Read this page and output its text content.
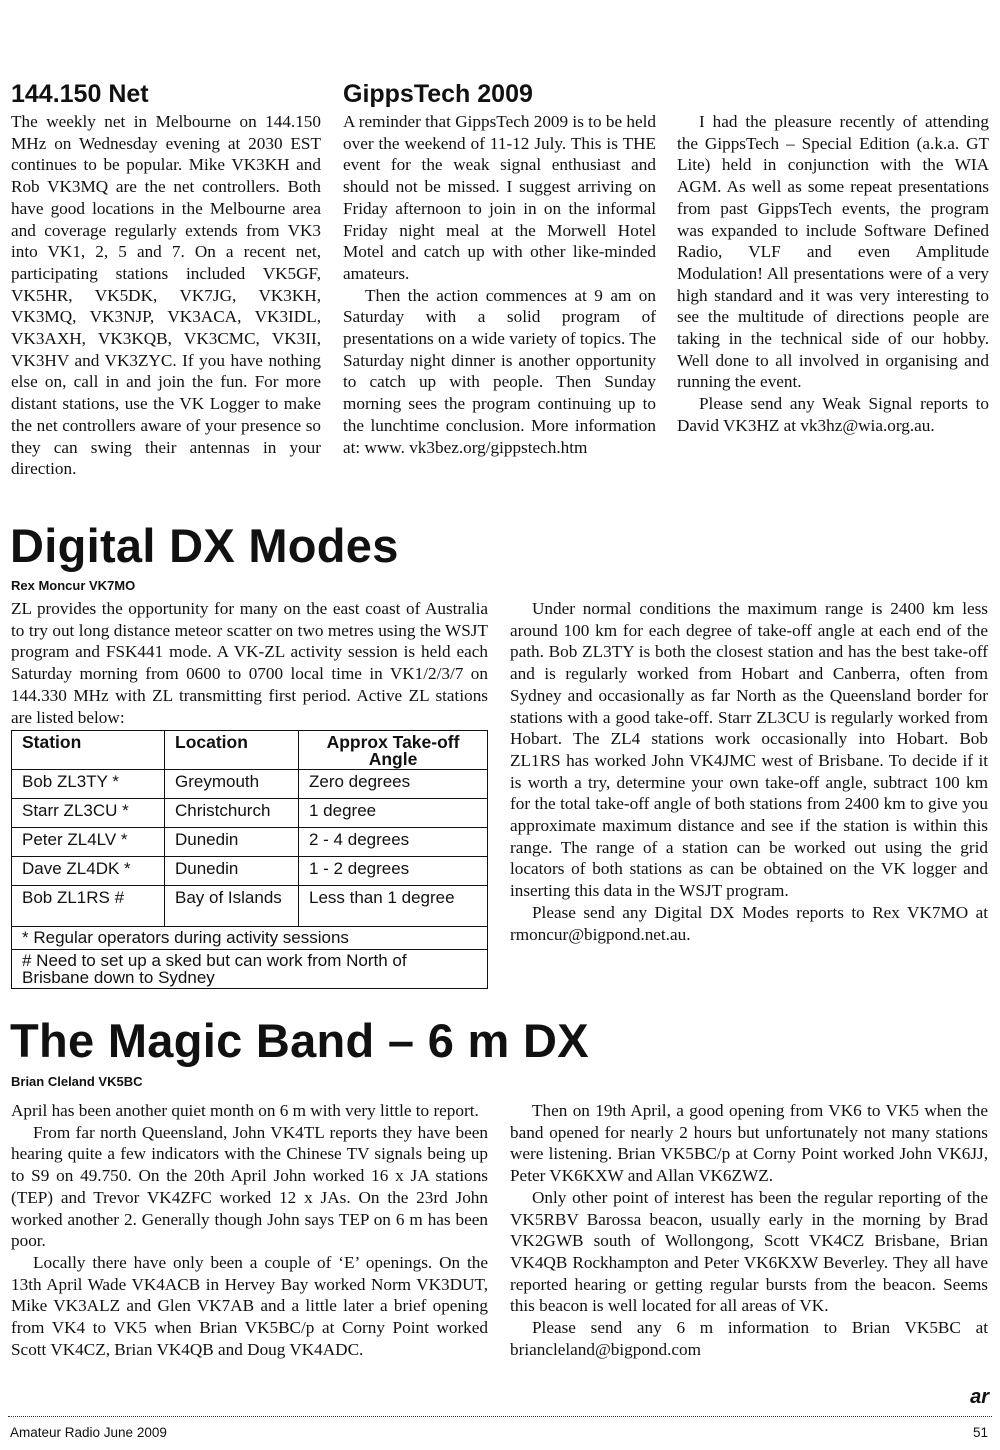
144.150 Net

The weekly net in Melbourne on 144.150 MHz on Wednesday evening at 2030 EST continues to be popular. Mike VK3KH and Rob VK3MQ are the net controllers. Both have good locations in the Melbourne area and coverage regularly extends from VK3 into VK1, 2, 5 and 7. On a recent net, participating stations included VK5GF, VK5HR, VK5DK, VK7JG, VK3KH, VK3MQ, VK3NJP, VK3ACA, VK3IDL, VK3AXH, VK3KQB, VK3CMC, VK3II, VK3HV and VK3ZYC. If you have nothing else on, call in and join the fun. For more distant stations, use the VK Logger to make the net controllers aware of your presence so they can swing their antennas in your direction.

GippsTech 2009

A reminder that GippsTech 2009 is to be held over the weekend of 11-12 July. This is THE event for the weak signal enthusiast and should not be missed. I suggest arriving on Friday afternoon to join in on the informal Friday night meal at the Morwell Hotel Motel and catch up with other like-minded amateurs.

Then the action commences at 9 am on Saturday with a solid program of presentations on a wide variety of topics. The Saturday night dinner is another opportunity to catch up with people. Then Sunday morning sees the program continuing up to the lunchtime conclusion. More information at: www. vk3bez.org/gippstech.htm

I had the pleasure recently of attending the GippsTech – Special Edition (a.k.a. GT Lite) held in conjunction with the WIA AGM. As well as some repeat presentations from past GippsTech events, the program was expanded to include Software Defined Radio, VLF and even Amplitude Modulation! All presentations were of a very high standard and it was very interesting to see the multitude of directions people are taking in the technical side of our hobby. Well done to all involved in organising and running the event.

Please send any Weak Signal reports to David VK3HZ at vk3hz@wia.org.au.

Digital DX Modes
Rex Moncur VK7MO

ZL provides the opportunity for many on the east coast of Australia to try out long distance meteor scatter on two metres using the WSJT program and FSK441 mode. A VK-ZL activity session is held each Saturday morning from 0600 to 0700 local time in VK1/2/3/7 on 144.330 MHz with ZL transmitting first period. Active ZL stations are listed below:

Station	Location	Approx Take-off Angle
Bob ZL3TY *	Greymouth	Zero degrees
Starr ZL3CU *	Christchurch	1 degree
Peter ZL4LV *	Dunedin	2 - 4 degrees
Dave ZL4DK *	Dunedin	1 - 2 degrees
Bob ZL1RS #	Bay of Islands	Less than 1 degree
* Regular operators during activity sessions		
# Need to set up a sked but can work from North of Brisbane down to Sydney		

Under normal conditions the maximum range is 2400 km less around 100 km for each degree of take-off angle at each end of the path. Bob ZL3TY is both the closest station and has the best take-off and is regularly worked from Hobart and Canberra, often from Sydney and occasionally as far North as the Queensland border for stations with a good take-off. Starr ZL3CU is regularly worked from Hobart. The ZL4 stations work occasionally into Hobart. Bob ZL1RS has worked John VK4JMC west of Brisbane. To decide if it is worth a try, determine your own take-off angle, subtract 100 km for the total take-off angle of both stations from 2400 km to give you approximate maximum distance and see if the station is within this range. The range of a station can be worked out using the grid locators of both stations as can be obtained on the VK logger and inserting this data in the WSJT program.

Please send any Digital DX Modes reports to Rex VK7MO at rmoncur@bigpond.net.au.

The Magic Band – 6 m DX
Brian Cleland VK5BC

April has been another quiet month on 6 m with very little to report.

From far north Queensland, John VK4TL reports they have been hearing quite a few indicators with the Chinese TV signals being up to S9 on 49.750. On the 20th April John worked 16 x JA stations (TEP) and Trevor VK4ZFC worked 12 x JAs. On the 23rd John worked another 2. Generally though John says TEP on 6 m has been poor.

Locally there have only been a couple of ‘E’ openings. On the 13th April Wade VK4ACB in Hervey Bay worked Norm VK3DUT, Mike VK3ALZ and Glen VK7AB and a little later a brief opening from VK4 to VK5 when Brian VK5BC/p at Corny Point worked Scott VK4CZ, Brian VK4QB and Doug VK4ADC.

Then on 19th April, a good opening from VK6 to VK5 when the band opened for nearly 2 hours but unfortunately not many stations were listening. Brian VK5BC/p at Corny Point worked John VK6JJ, Peter VK6KXW and Allan VK6ZWZ.

Only other point of interest has been the regular reporting of the VK5RBV Barossa beacon, usually early in the morning by Brad VK2GWB south of Wollongong, Scott VK4CZ Brisbane, Brian VK4QB Rockhampton and Peter VK6KXW Beverley. They all have reported hearing or getting regular bursts from the beacon. Seems this beacon is well located for all areas of VK.

Please send any 6 m information to Brian VK5BC at briancleland@bigpond.com

ar
Amateur Radio June 2009	51
